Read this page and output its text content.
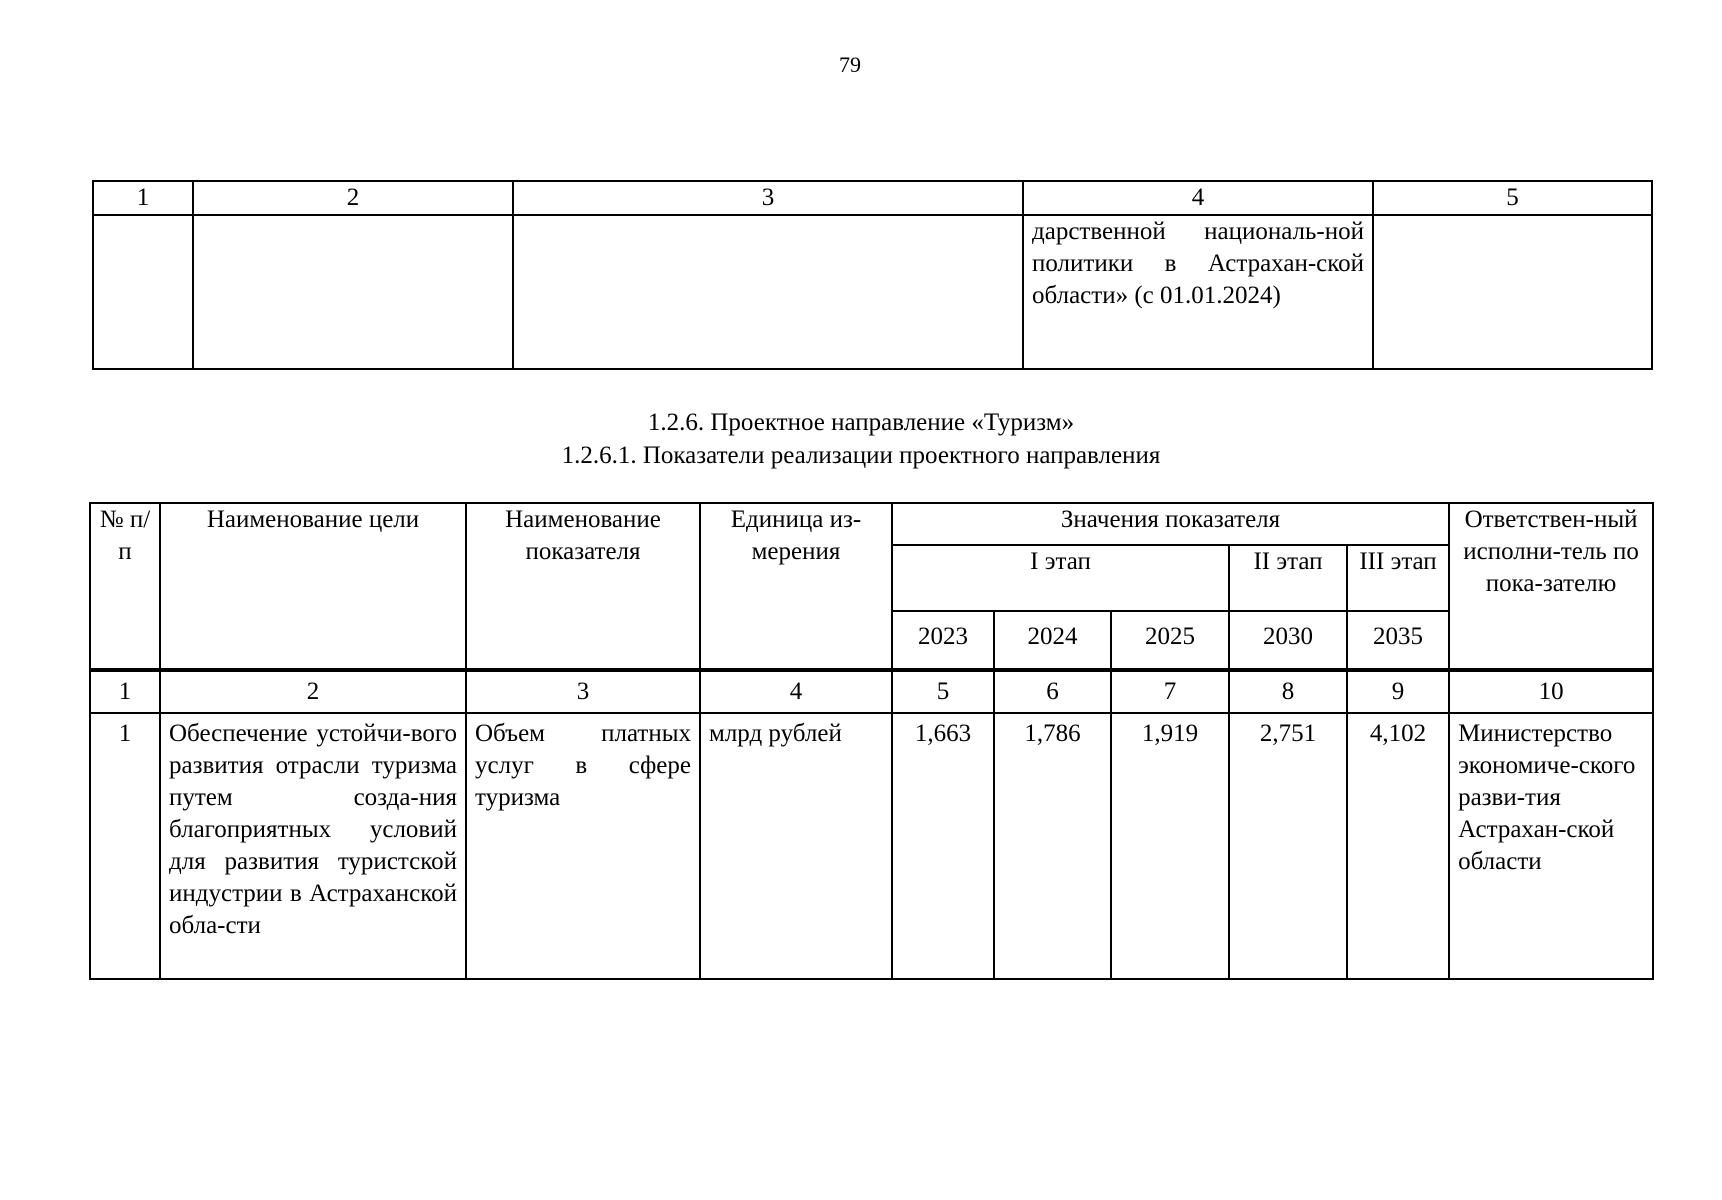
79
1	2	3	4	5
			дарственной националь-ной политики в Астрахан-ской области» (с 01.01.2024)	
1.2.6. Проектное направление «Туризм»
1.2.6.1. Показатели реализации проектного направления
№ п/п	Наименование цели	Наименование показателя	Единица из-мерения	Значения показателя					Ответствен-ный исполни-тель по пока-зателю
				I этап			II этап	III этап	
				2023	2024	2025	2030	2035	

1	2	3	4	5	6	7	8	9	10
1	Обеспечение устойчи-вого развития отрасли туризма путем созда-ния благоприятных условий для развития туристской индустрии в Астраханской обла-сти	Объем платных услуг в сфере туризма	млрд рублей	1,663	1,786	1,919	2,751	4,102	Министерство экономиче-ского разви-тия Астрахан-ской области
